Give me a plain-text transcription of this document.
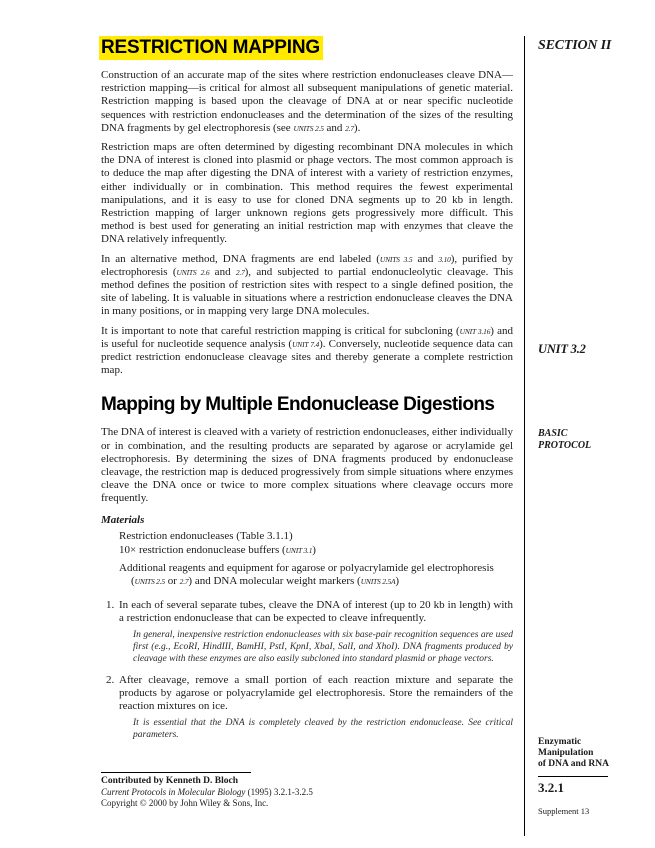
RESTRICTION MAPPING

Construction of an accurate map of the sites where restriction endonucleases cleave DNA—restriction mapping—is critical for almost all subsequent manipulations of genetic material. Restriction mapping is based upon the cleavage of DNA at or near specific nucleotide sequences with restriction endonucleases and the determination of the sizes of the resulting DNA fragments by gel electrophoresis (see UNITS 2.5 and 2.7).

Restriction maps are often determined by digesting recombinant DNA molecules in which the DNA of interest is cloned into plasmid or phage vectors. The most common approach is to deduce the map after digesting the DNA of interest with a variety of restriction enzymes, either individually or in combination. This method requires the fewest experimental manipulations, and it is easy to use for cloned DNA segments up to 20 kb in length. Restriction mapping of larger unknown regions gets progressively more difficult. This method is best used for generating an initial restriction map with enzymes that cleave the DNA relatively infrequently.

In an alternative method, DNA fragments are end labeled (UNITS 3.5 and 3.10), purified by electrophoresis (UNITS 2.6 and 2.7), and subjected to partial endonucleolytic cleavage. This method defines the position of restriction sites with respect to a single defined position, the site of labeling. It is valuable in situations where a restriction endonuclease cleaves the DNA in many positions, or in mapping very large DNA molecules.

It is important to note that careful restriction mapping is critical for subcloning (UNIT 3.16) and is useful for nucleotide sequence analysis (UNIT 7.4). Conversely, nucleotide sequence data can predict restriction endonuclease cleavage sites and thereby generate a complete restriction map.

Mapping by Multiple Endonuclease Digestions

The DNA of interest is cleaved with a variety of restriction endonucleases, either individually or in combination, and the resulting products are separated by agarose or acrylamide gel electrophoresis. By determining the sizes of DNA fragments produced by endonuclease cleavage, the restriction map is deduced progressively from simple situations where enzymes cleave the DNA once or twice to more complex situations where cleavage occurs more frequently.

Materials
Restriction endonucleases (Table 3.1.1)
10× restriction endonuclease buffers (UNIT 3.1)
Additional reagents and equipment for agarose or polyacrylamide gel electrophoresis (UNITS 2.5 or 2.7) and DNA molecular weight markers (UNITS 2.5A)
1. In each of several separate tubes, cleave the DNA of interest (up to 20 kb in length) with a restriction endonuclease that can be expected to cleave infrequently.
In general, inexpensive restriction endonucleases with six base-pair recognition sequences are used first (e.g., EcoRI, HindIII, BamHI, PstI, KpnI, XbaI, SalI, and XhoI). DNA fragments produced by cleavage with these enzymes are also easily subcloned into standard plasmid or phage vectors.
2. After cleavage, remove a small portion of each reaction mixture and separate the products by agarose or polyacrylamide gel electrophoresis. Store the remainders of the reaction mixtures on ice.
It is essential that the DNA is completely cleaved by the restriction endonuclease. See critical parameters.
SECTION II
UNIT 3.2
BASIC
PROTOCOL
Enzymatic
Manipulation
of DNA and RNA
3.2.1
Supplement 13
Contributed by Kenneth D. Bloch
Current Protocols in Molecular Biology (1995) 3.2.1-3.2.5
Copyright © 2000 by John Wiley & Sons, Inc.
